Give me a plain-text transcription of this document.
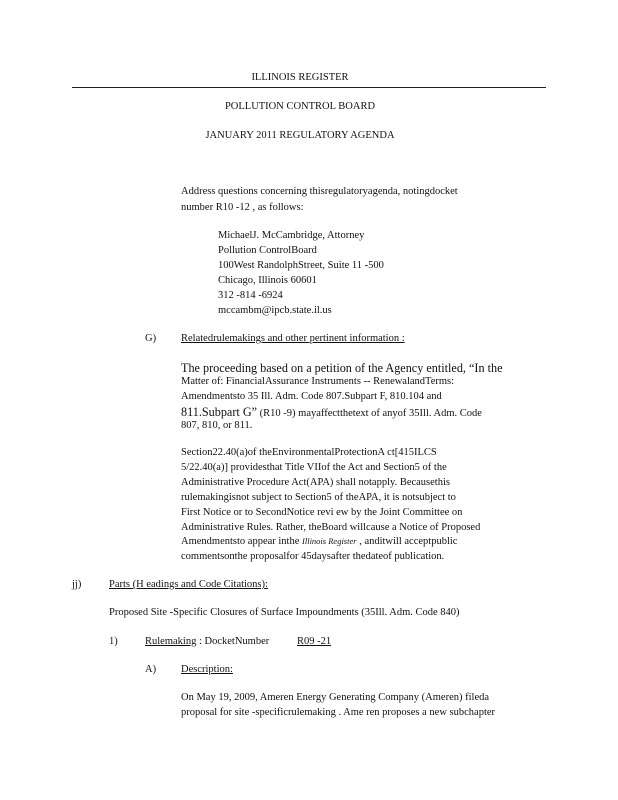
ILLINOIS REGISTER
POLLUTION CONTROL BOARD
JANUARY 2011 REGULATORY AGENDA
Address questions concerning thisregulatoryagenda, notingdocket
number R10 -12 , as follows:
MichaelJ. McCambridge, Attorney
Pollution ControlBoard
100West RandolphStreet, Suite 11 -500
Chicago, Illinois 60601
312 -814 -6924
mccambm@ipcb.state.il.us
G) Relatedrulemakings and other pertinent information :
The proceeding based on a petition of the Agency entitled, “In the
Matter of: FinancialAssurance Instruments -- RenewalandTerms:
Amendmentsto 35 Ill. Adm. Code 807.Subpart F, 810.104 and
811.Subpart G” (R10 -9) mayaffectthetext of anyof 35Ill. Adm. Code
807, 810, or 811.
Section22.40(a)of theEnvironmentalProtectionA ct[415ILCS
5/22.40(a)] providesthat Title VIIof the Act and Section5 of the
Administrative Procedure Act(APA) shall notapply. Becausethis
rulemakingisnot subject to Section5 of theAPA, it is notsubject to
First Notice or to SecondNotice revi ew by the Joint Committee on
Administrative Rules. Rather, theBoard willcause a Notice of Proposed
Amendmentsto appear inthe Illinois Register , anditwill acceptpublic
commentsonthe proposalfor 45daysafter thedateof publication.
jj)	Parts (H eadings and Code Citations):
Proposed Site -Specific Closures of Surface Impoundments (35Ill. Adm. Code 840)
1)	Rulemaking : DocketNumber	R09 -21
A) Description:
On May 19, 2009, Ameren Energy Generating Company (Ameren) fileda
proposal for site -specificrulemaking . Ame ren proposes a new subchapter
